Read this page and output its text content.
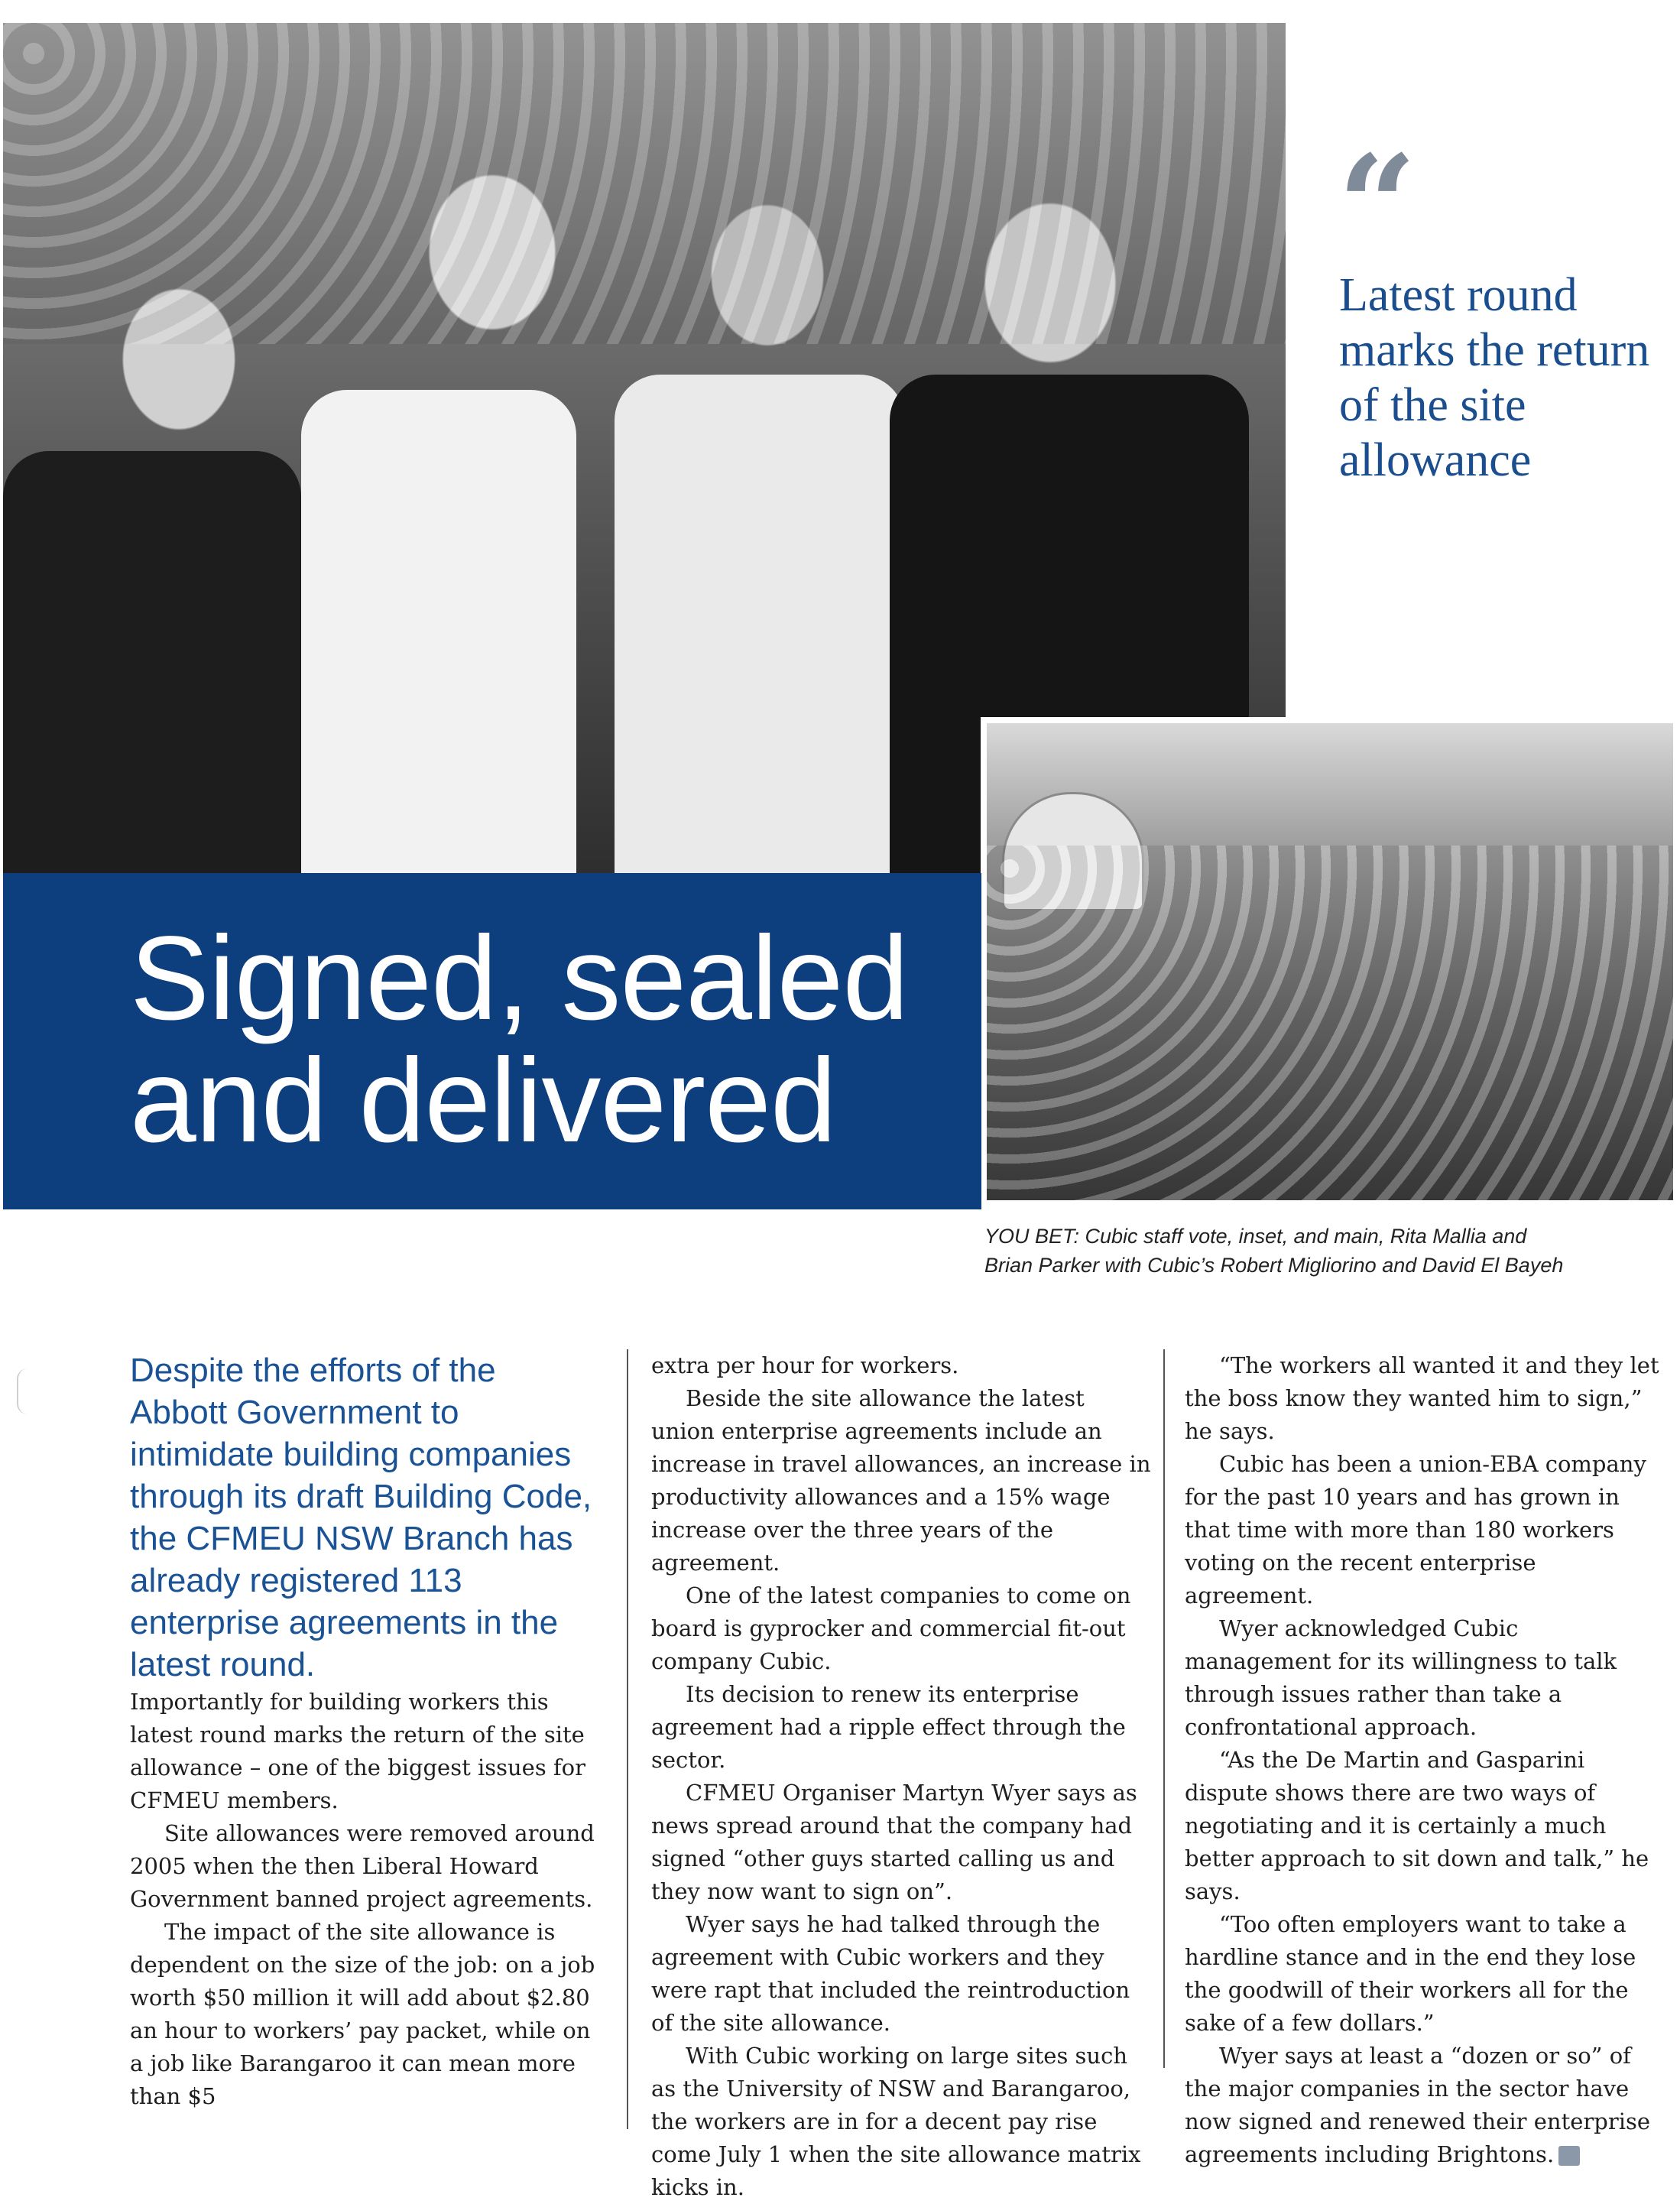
Signed, sealed
and delivered
“

Latest round marks the return of the site allowance

YOU BET: Cubic staff vote, inset, and main, Rita Mallia and
Brian Parker with Cubic’s Robert Migliorino and David El Bayeh

Despite the efforts of the Abbott Government to intimidate building companies through its draft Building Code, the CFMEU NSW Branch has already registered 113 enterprise agreements in the latest round.

Importantly for building workers this latest round marks the return of the site allowance – one of the biggest issues for CFMEU members.

Site allowances were removed around 2005 when the then Liberal Howard Government banned project agreements.

The impact of the site allowance is dependent on the size of the job: on a job worth $50 million it will add about $2.80 an hour to workers’ pay packet, while on a job like Barangaroo it can mean more than $5

extra per hour for workers.

Beside the site allowance the latest union enterprise agreements include an increase in travel allowances, an increase in productivity allowances and a 15% wage increase over the three years of the agreement.

One of the latest companies to come on board is gyprocker and commercial fit-out company Cubic.

Its decision to renew its enterprise agreement had a ripple effect through the sector.

CFMEU Organiser Martyn Wyer says as news spread around that the company had signed “other guys started calling us and they now want to sign on”.

Wyer says he had talked through the agreement with Cubic workers and they were rapt that included the reintroduction of the site allowance.

With Cubic working on large sites such as the University of NSW and Barangaroo, the workers are in for a decent pay rise come July 1 when the site allowance matrix kicks in.

“The workers all wanted it and they let the boss know they wanted him to sign,” he says.

Cubic has been a union-EBA company for the past 10 years and has grown in that time with more than 180 workers voting on the recent enterprise agreement.

Wyer acknowledged Cubic management for its willingness to talk through issues rather than take a confrontational approach.

“As the De Martin and Gasparini dispute shows there are two ways of negotiating and it is certainly a much better approach to sit down and talk,” he says.

“Too often employers want to take a hardline stance and in the end they lose the goodwill of their workers all for the sake of a few dollars.”

Wyer says at least a “dozen or so” of the major companies in the sector have now signed and renewed their enterprise agreements including Brightons. U
